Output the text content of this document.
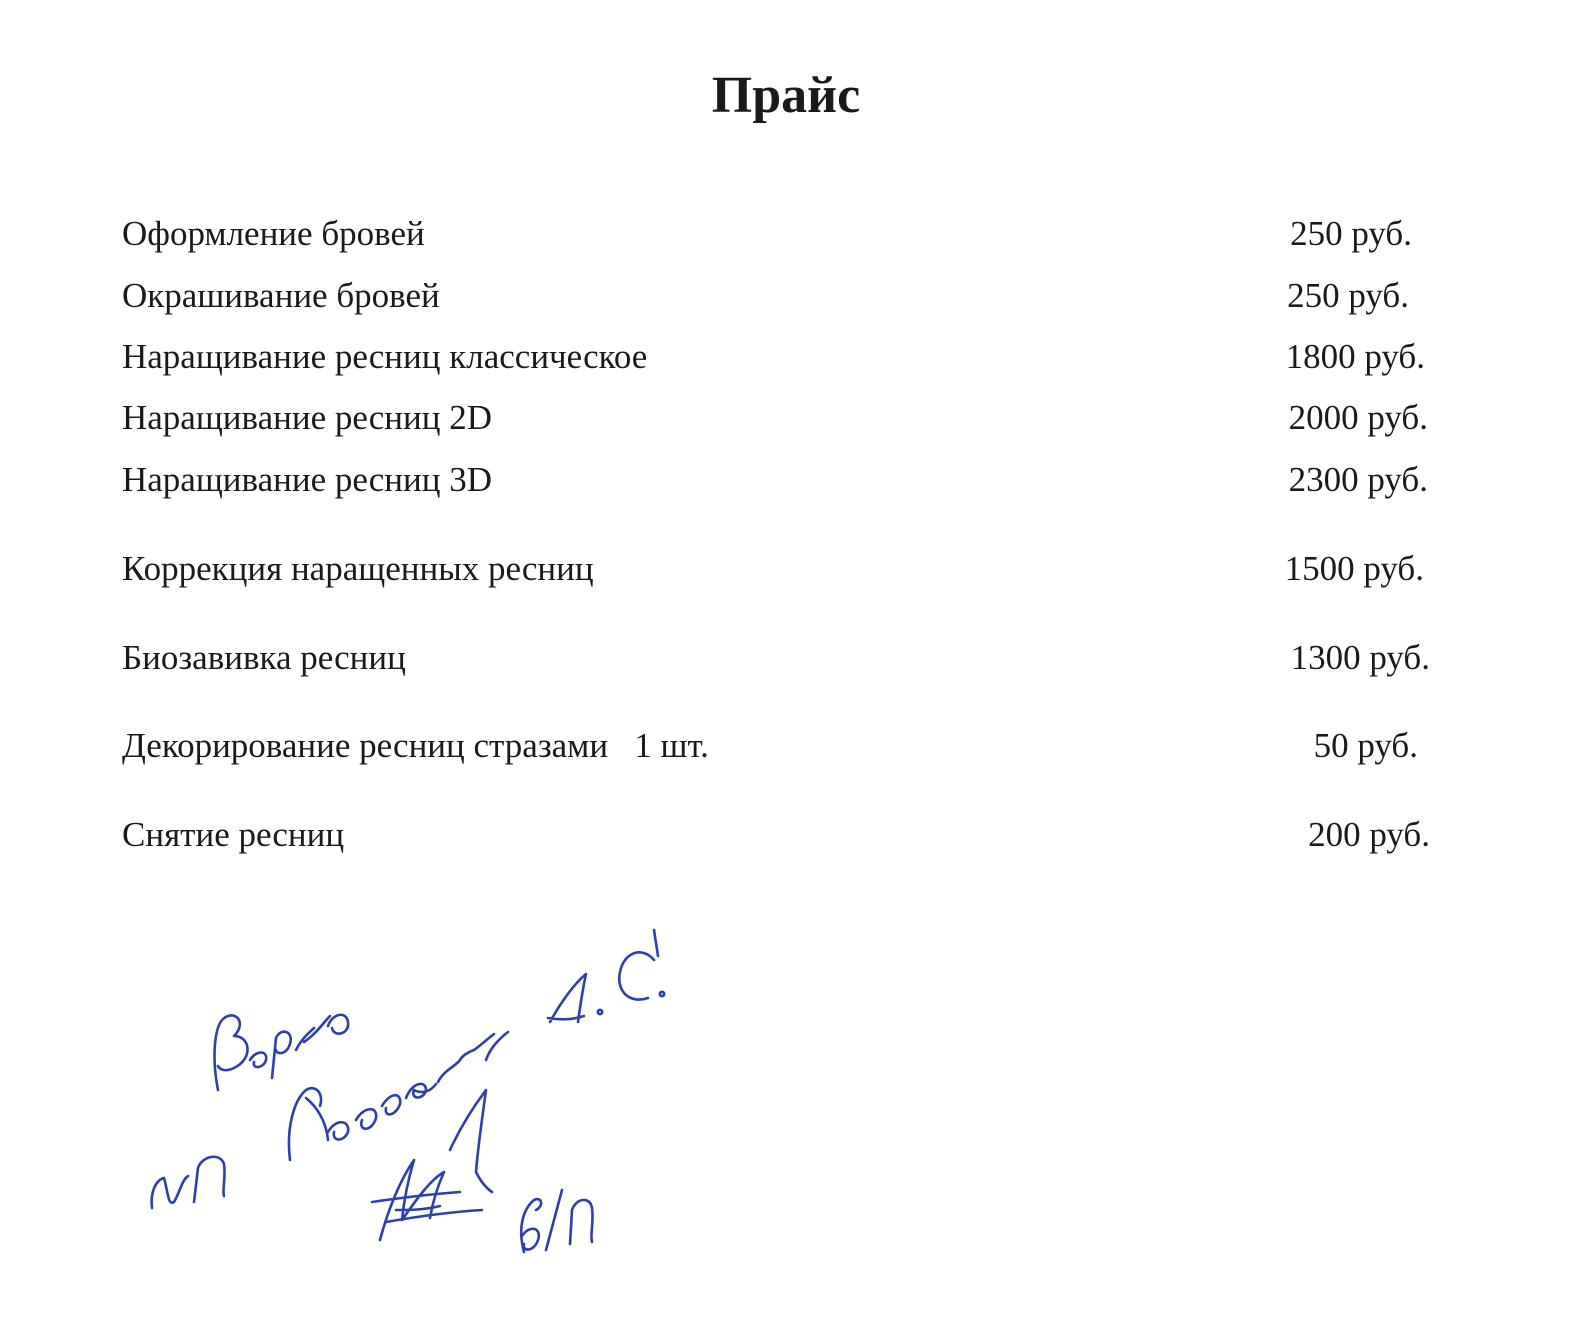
Прайс
Оформление бровей	250 руб.
Окрашивание бровей	250 руб.
Наращивание ресниц классическое	1800 руб.
Наращивание ресниц 2D	2000 руб.
Наращивание ресниц 3D	2300 руб.
Коррекция наращенных ресниц	1500 руб.
Биозавивка ресниц	1300 руб.
Декорирование ресниц стразами   1 шт.	50 руб.
Снятие ресниц	200 руб.
